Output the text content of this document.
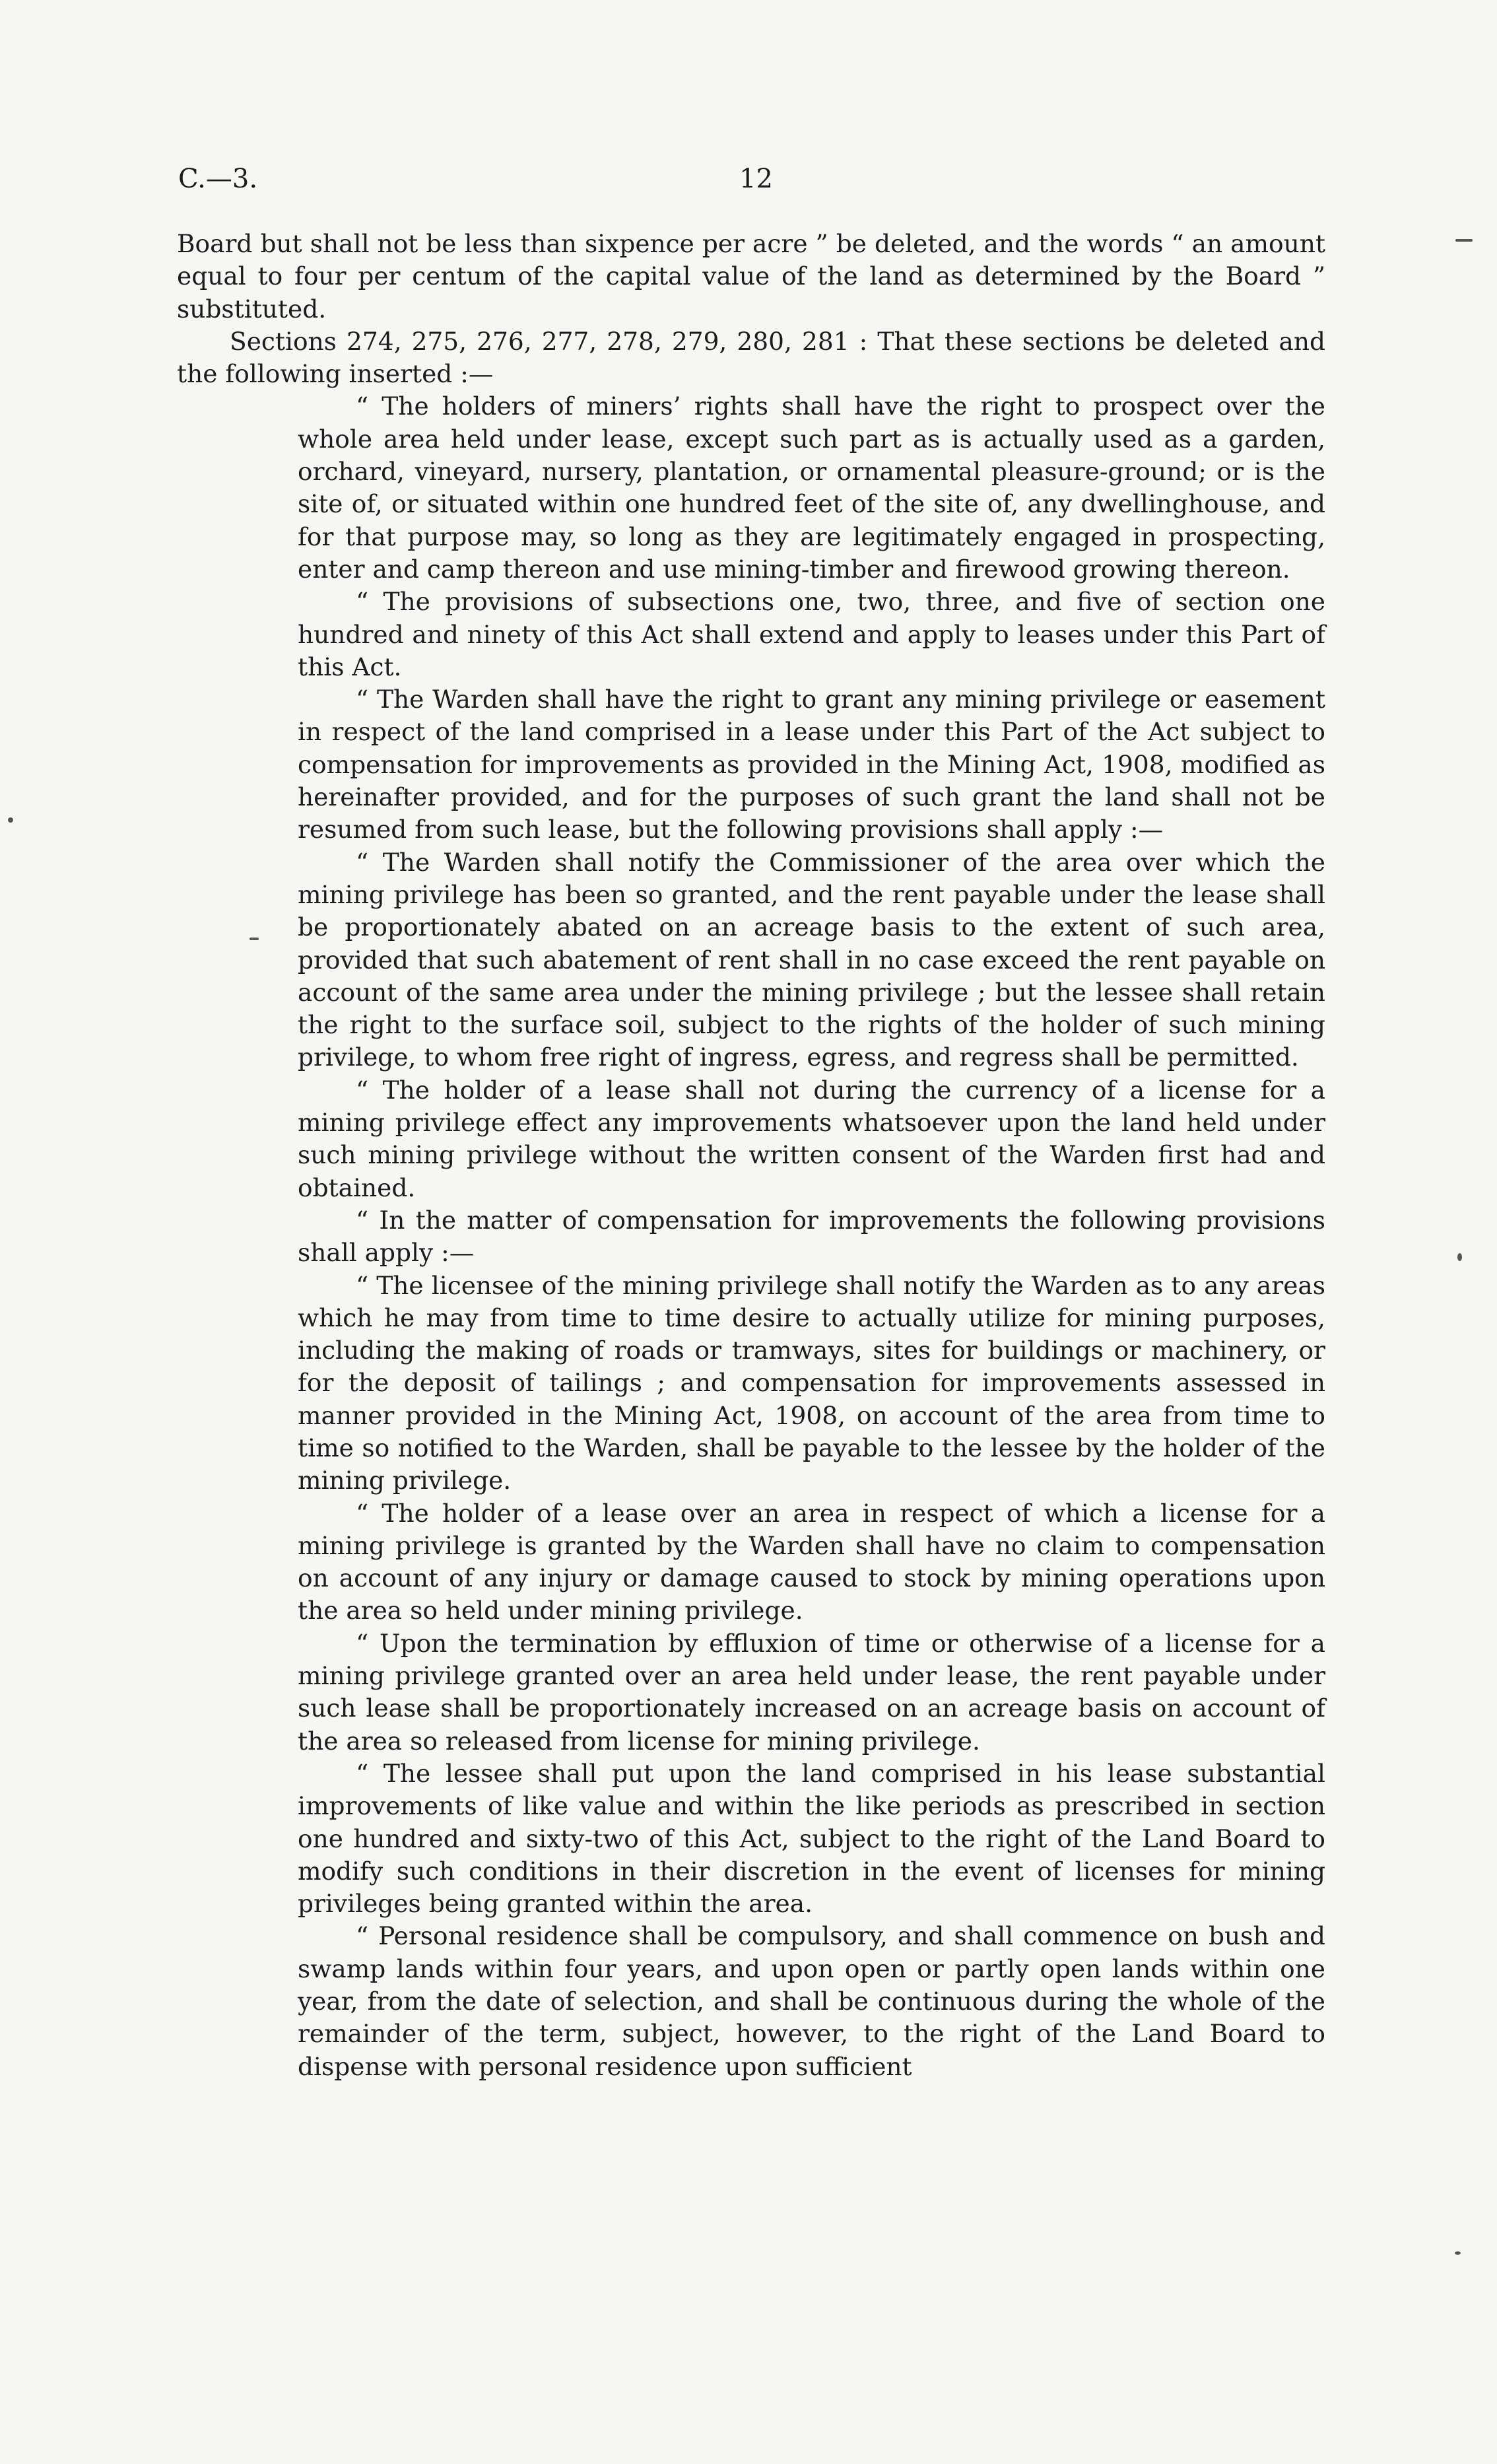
C.—3.	12

Board but shall not be less than sixpence per acre ” be deleted, and the words “ an amount equal to four per centum of the capital value of the land as determined by the Board ” substituted.

Sections 274, 275, 276, 277, 278, 279, 280, 281 : That these sections be deleted and the following inserted :—

“ The holders of miners’ rights shall have the right to prospect over the whole area held under lease, except such part as is actually used as a garden, orchard, vineyard, nursery, plantation, or ornamental pleasure-ground; or is the site of, or situated within one hundred feet of the site of, any dwellinghouse, and for that purpose may, so long as they are legitimately engaged in prospecting, enter and camp thereon and use mining-timber and firewood growing thereon.

“ The provisions of subsections one, two, three, and five of section one hundred and ninety of this Act shall extend and apply to leases under this Part of this Act.

“ The Warden shall have the right to grant any mining privilege or easement in respect of the land comprised in a lease under this Part of the Act subject to compensation for improvements as provided in the Mining Act, 1908, modified as hereinafter provided, and for the purposes of such grant the land shall not be resumed from such lease, but the following provisions shall apply :—

“ The Warden shall notify the Commissioner of the area over which the mining privilege has been so granted, and the rent payable under the lease shall be proportionately abated on an acreage basis to the extent of such area, provided that such abatement of rent shall in no case exceed the rent payable on account of the same area under the mining privilege ; but the lessee shall retain the right to the surface soil, subject to the rights of the holder of such mining privilege, to whom free right of ingress, egress, and regress shall be permitted.

“ The holder of a lease shall not during the currency of a license for a mining privilege effect any improvements whatsoever upon the land held under such mining privilege without the written consent of the Warden first had and obtained.

“ In the matter of compensation for improvements the following provisions shall apply :—

“ The licensee of the mining privilege shall notify the Warden as to any areas which he may from time to time desire to actually utilize for mining purposes, including the making of roads or tramways, sites for buildings or machinery, or for the deposit of tailings ; and compensation for improvements assessed in manner provided in the Mining Act, 1908, on account of the area from time to time so notified to the Warden, shall be payable to the lessee by the holder of the mining privilege.

“ The holder of a lease over an area in respect of which a license for a mining privilege is granted by the Warden shall have no claim to compensation on account of any injury or damage caused to stock by mining operations upon the area so held under mining privilege.

“ Upon the termination by effluxion of time or otherwise of a license for a mining privilege granted over an area held under lease, the rent payable under such lease shall be proportionately increased on an acreage basis on account of the area so released from license for mining privilege.

“ The lessee shall put upon the land comprised in his lease substantial improvements of like value and within the like periods as prescribed in section one hundred and sixty-two of this Act, subject to the right of the Land Board to modify such conditions in their discretion in the event of licenses for mining privileges being granted within the area.

“ Personal residence shall be compulsory, and shall commence on bush and swamp lands within four years, and upon open or partly open lands within one year, from the date of selection, and shall be continuous during the whole of the remainder of the term, subject, however, to the right of the Land Board to dispense with personal residence upon sufficient
